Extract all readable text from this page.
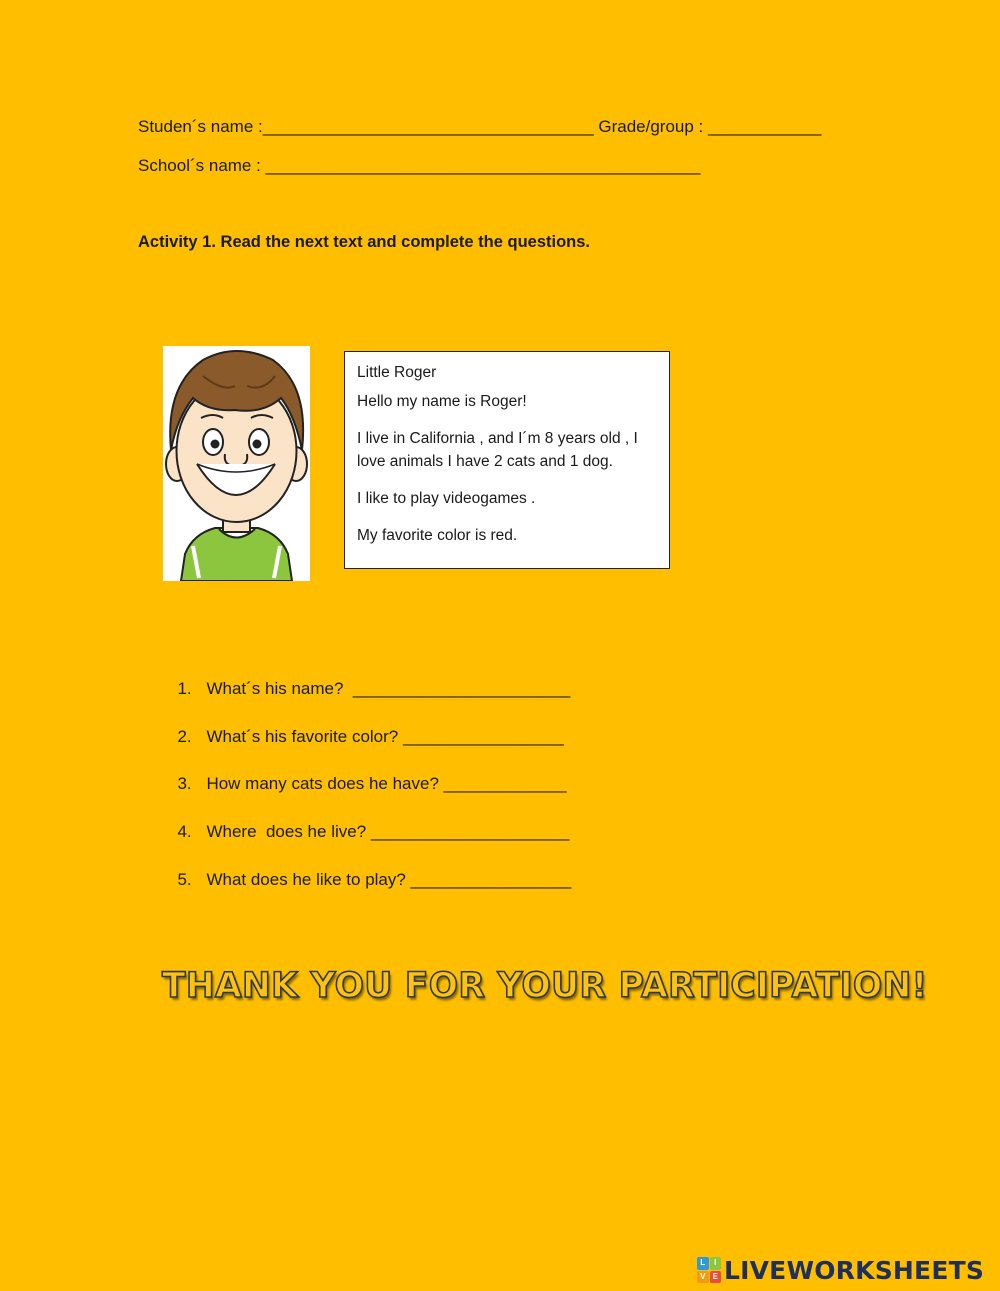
Studen´s name :___________________________________ Grade/group : ____________
School´s name : ______________________________________________
Activity 1. Read the next text and complete the questions.

Little Roger

Hello my name is Roger!

I live in California , and I´m 8 years old , I love animals I have 2 cats and 1 dog.

I like to play videogames .

My favorite color is red.

1. What´s his name?  _______________________

2. What´s his favorite color? _________________

3. How many cats does he have? _____________

4. Where  does he live? _____________________

5. What does he like to play? _________________

THANK YOU FOR YOUR PARTICIPATION!
L	I
V E LIVEWORKSHEETS
